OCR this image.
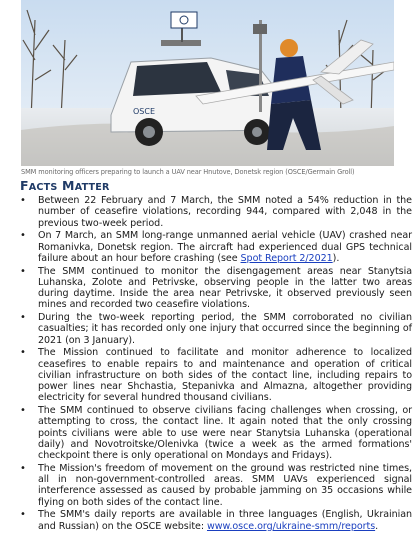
OSCE
SMM monitoring officers preparing to launch a UAV near Hnutove, Donetsk region (OSCE/Germain Groll)
FACTS MATTER
• Between 22 February and 7 March, the SMM noted a 54% reduction in the number of ceasefire violations, recording 944, compared with 2,048 in the previous two-week period.
• On 7 March, an SMM long-range unmanned aerial vehicle (UAV) crashed near Romanivka, Donetsk region. The aircraft had experienced dual GPS technical failure about an hour before crashing (see Spot Report 2/2021).
• The SMM continued to monitor the disengagement areas near Stanytsia Luhanska, Zolote and Petrivske, observing people in the latter two areas during daytime. Inside the area near Petrivske, it observed previously seen mines and recorded two ceasefire violations.
• During the two-week reporting period, the SMM corroborated no civilian casualties; it has recorded only one injury that occurred since the beginning of 2021 (on 3 January).
• The Mission continued to facilitate and monitor adherence to localized ceasefires to enable repairs to and maintenance and operation of critical civilian infrastructure on both sides of the contact line, including repairs to power lines near Shchastia, Stepanivka and Almazna, altogether providing electricity for several hundred thousand civilians.
• The SMM continued to observe civilians facing challenges when crossing, or attempting to cross, the contact line. It again noted that the only crossing points civilians were able to use were near Stanytsia Luhanska (operational daily) and Novotroitske/Olenivka (twice a week as the armed formations' checkpoint there is only operational on Mondays and Fridays).
• The Mission's freedom of movement on the ground was restricted nine times, all in non-government-controlled areas. SMM UAVs experienced signal interference assessed as caused by probable jamming on 35 occasions while flying on both sides of the contact line.
• The SMM's daily reports are available in three languages (English, Ukrainian and Russian) on the OSCE website: www.osce.org/ukraine-smm/reports.
